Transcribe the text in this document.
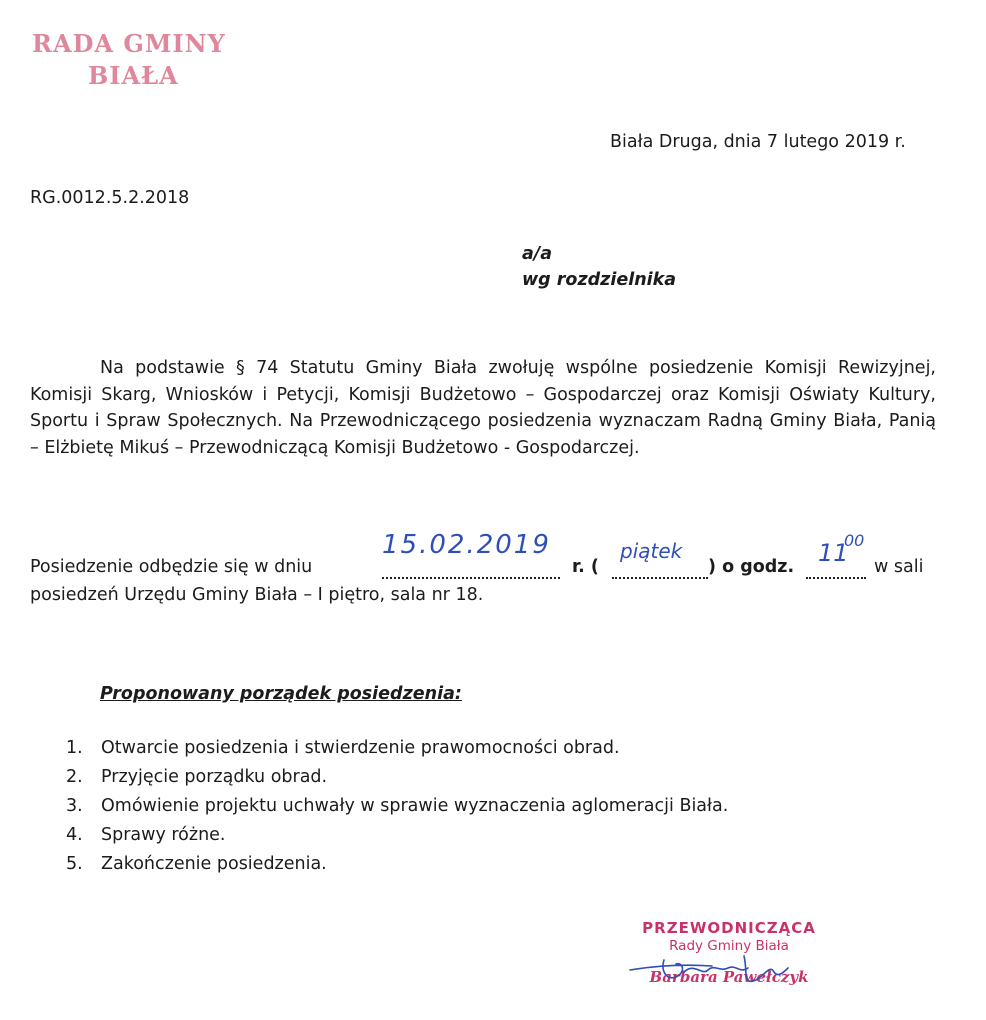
RADA GMINY
BIAŁA
Biała Druga, dnia 7 lutego 2019 r.
RG.0012.5.2.2018
a/a
wg rozdzielnika
Na podstawie § 74 Statutu Gminy Biała zwołuję wspólne posiedzenie Komisji Rewizyjnej, Komisji Skarg, Wniosków i Petycji, Komisji Budżetowo – Gospodarczej oraz Komisji Oświaty Kultury, Sportu i Spraw Społecznych. Na Przewodniczącego posiedzenia wyznaczam Radną Gminy Biała, Panią – Elżbietę Mikuś – Przewodniczącą Komisji Budżetowo - Gospodarczej.
Posiedzenie odbędzie się w dniu
15.02.2019
r. (
piątek
) o godz. 11
00
w sali
posiedzeń Urzędu Gminy Biała – I piętro, sala nr 18.
Proponowany porządek posiedzenia:
1. Otwarcie posiedzenia i stwierdzenie prawomocności obrad.
2. Przyjęcie porządku obrad.
3. Omówienie projektu uchwały w sprawie wyznaczenia aglomeracji Biała.
4. Sprawy różne.
5. Zakończenie posiedzenia.
PRZEWODNICZĄCA
Rady Gminy Biała
Barbara Pawełczyk
